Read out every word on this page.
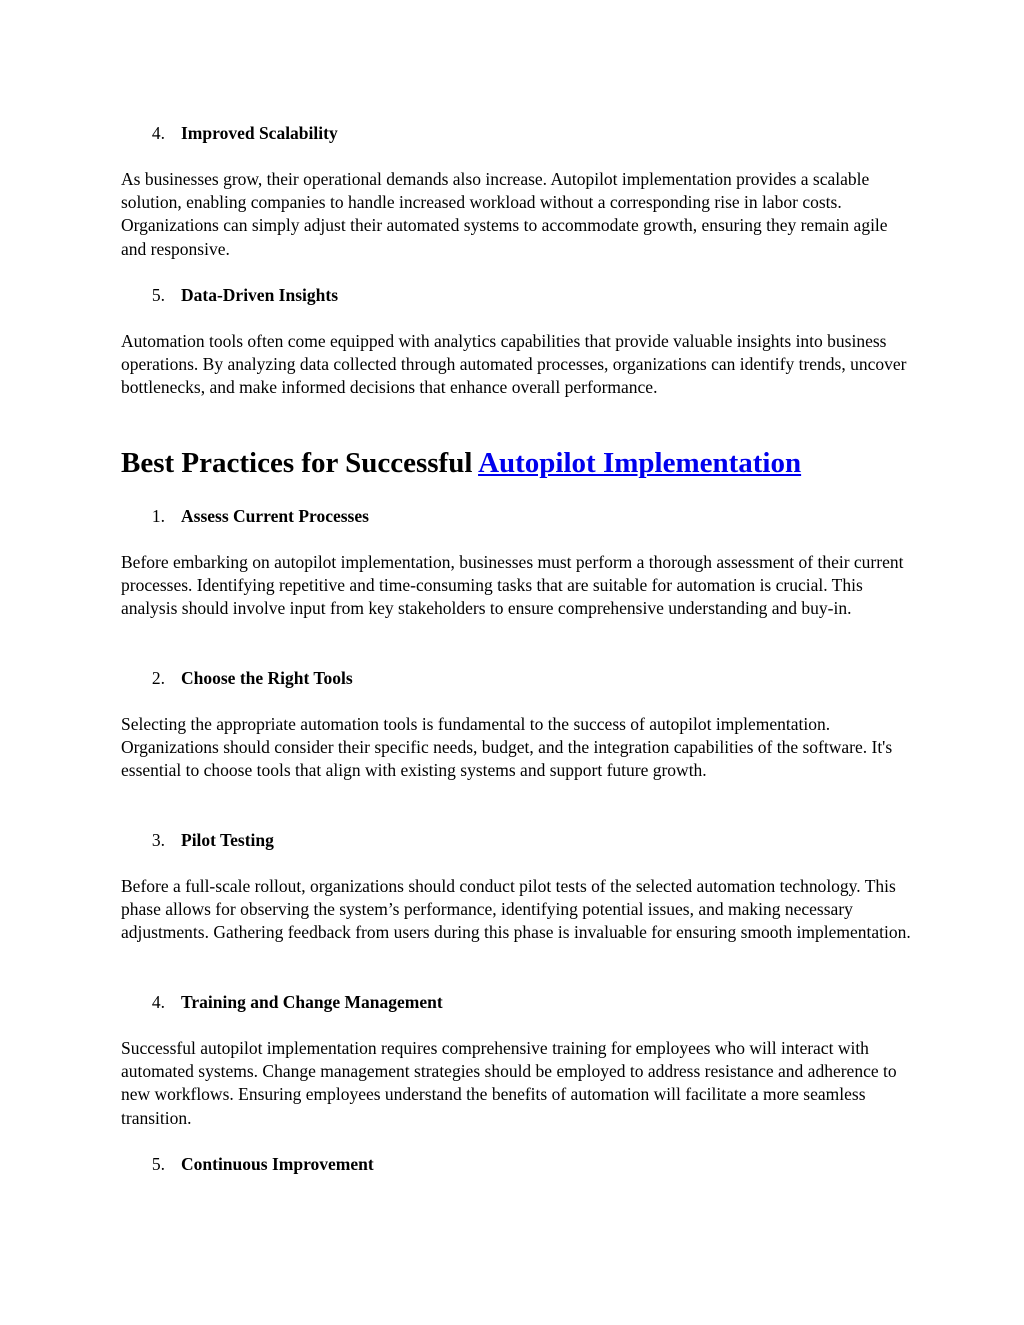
4. Improved Scalability

As businesses grow, their operational demands also increase. Autopilot implementation provides a scalable solution, enabling companies to handle increased workload without a corresponding rise in labor costs. Organizations can simply adjust their automated systems to accommodate growth, ensuring they remain agile and responsive.

5. Data-Driven Insights

Automation tools often come equipped with analytics capabilities that provide valuable insights into business operations. By analyzing data collected through automated processes, organizations can identify trends, uncover bottlenecks, and make informed decisions that enhance overall performance.

Best Practices for Successful Autopilot Implementation
1. Assess Current Processes

Before embarking on autopilot implementation, businesses must perform a thorough assessment of their current processes. Identifying repetitive and time-consuming tasks that are suitable for automation is crucial. This analysis should involve input from key stakeholders to ensure comprehensive understanding and buy-in.

2. Choose the Right Tools

Selecting the appropriate automation tools is fundamental to the success of autopilot implementation. Organizations should consider their specific needs, budget, and the integration capabilities of the software. It's essential to choose tools that align with existing systems and support future growth.

3. Pilot Testing

Before a full-scale rollout, organizations should conduct pilot tests of the selected automation technology. This phase allows for observing the system’s performance, identifying potential issues, and making necessary adjustments. Gathering feedback from users during this phase is invaluable for ensuring smooth implementation.

4. Training and Change Management

Successful autopilot implementation requires comprehensive training for employees who will interact with automated systems. Change management strategies should be employed to address resistance and adherence to new workflows. Ensuring employees understand the benefits of automation will facilitate a more seamless transition.

5. Continuous Improvement
